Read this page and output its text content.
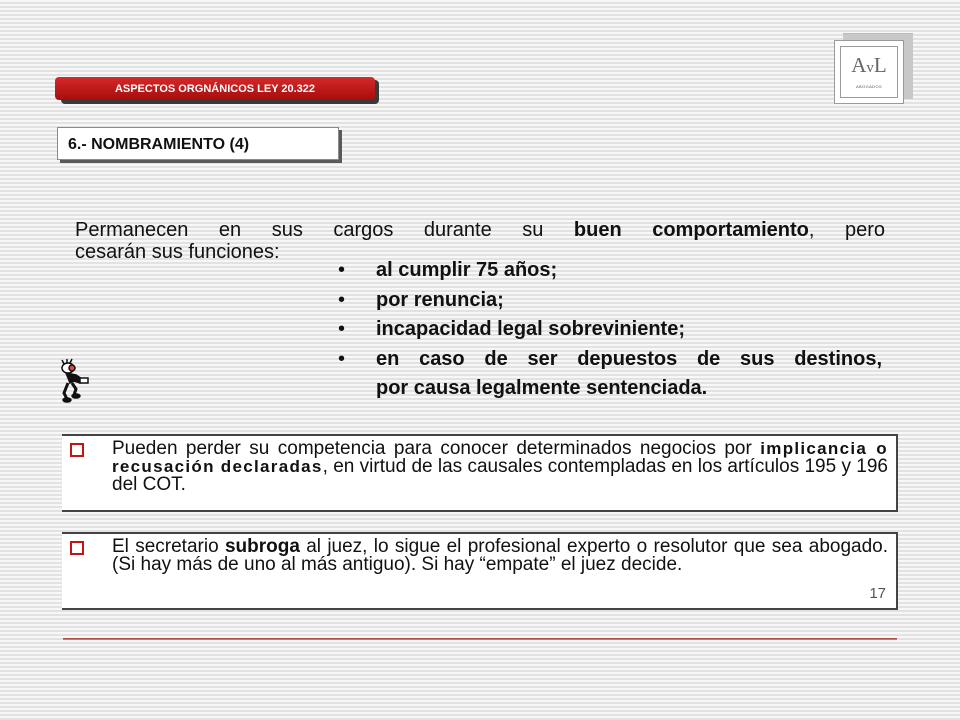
AvL
ABOGADOS
ASPECTOS ORGNÁNICOS LEY 20.322
6.- NOMBRAMIENTO (4)
Permanecen en sus cargos durante su buen comportamiento, pero
cesarán sus funciones:
• al cumplir 75 años;
• por renuncia;
• incapacidad legal sobreviniente;
• en caso de ser depuestos de sus destinos,
por causa legalmente sentenciada.
Pueden perder su competencia para conocer determinados negocios por implicancia o recusación declaradas, en virtud de las causales contempladas en los artículos 195 y 196 del COT.
El secretario subroga al juez, lo sigue el profesional experto o resolutor que sea abogado. (Si hay más de uno al más antiguo). Si hay “empate” el juez decide.
17
